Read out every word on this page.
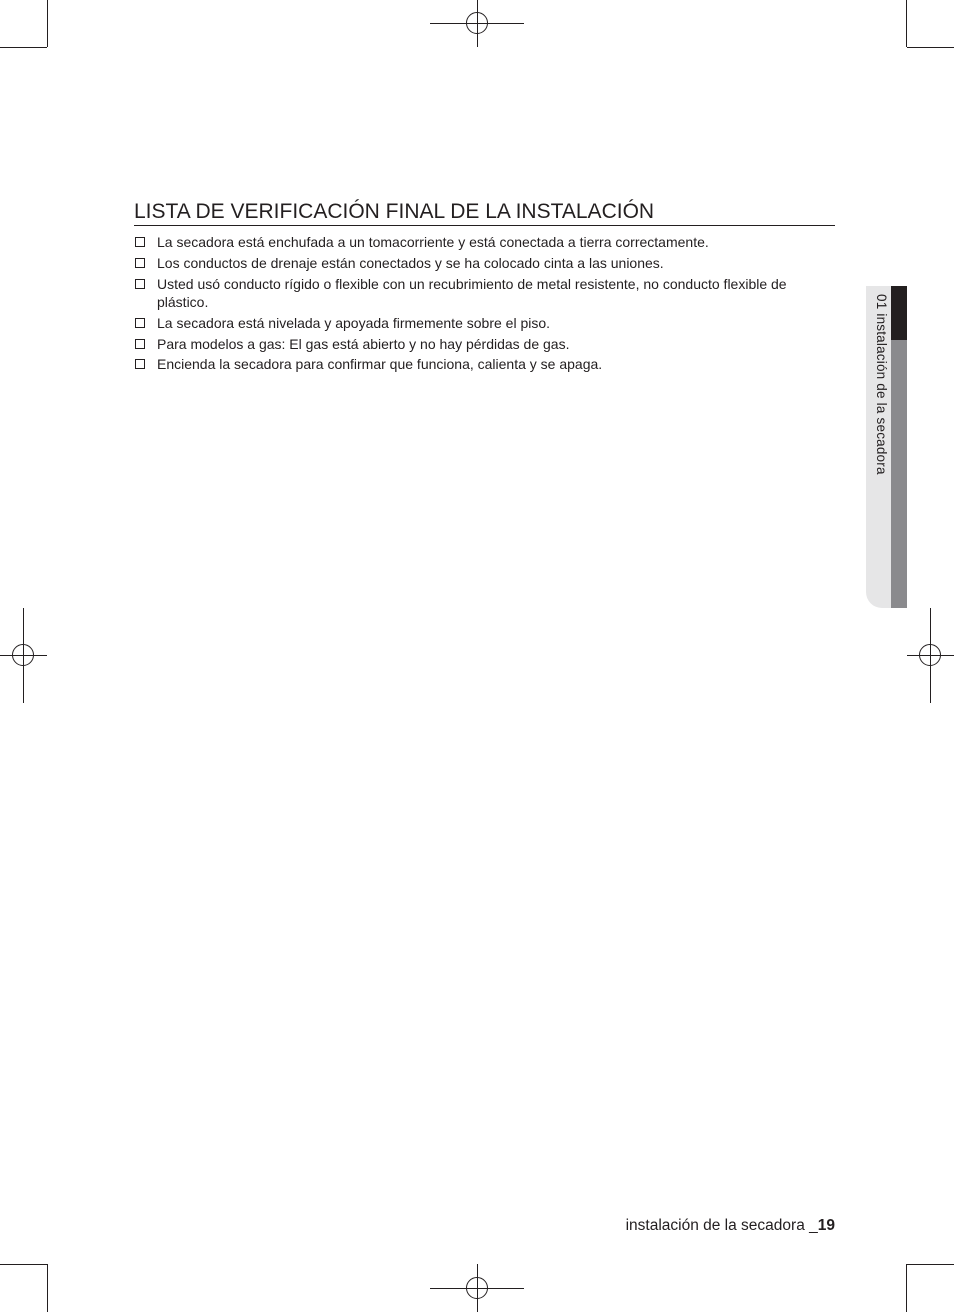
LISTA DE VERIFICACIÓN FINAL DE LA INSTALACIÓN
La secadora está enchufada a un tomacorriente y está conectada a tierra correctamente.
Los conductos de drenaje están conectados y se ha colocado cinta a las uniones.
Usted usó conducto rígido o flexible con un recubrimiento de metal resistente, no conducto flexible de plástico.
La secadora está nivelada y apoyada firmemente sobre el piso.
Para modelos a gas: El gas está abierto y no hay pérdidas de gas.
Encienda la secadora para confirmar que funciona, calienta y se apaga.	01 instalación de la secadora
instalación de la secadora _19
